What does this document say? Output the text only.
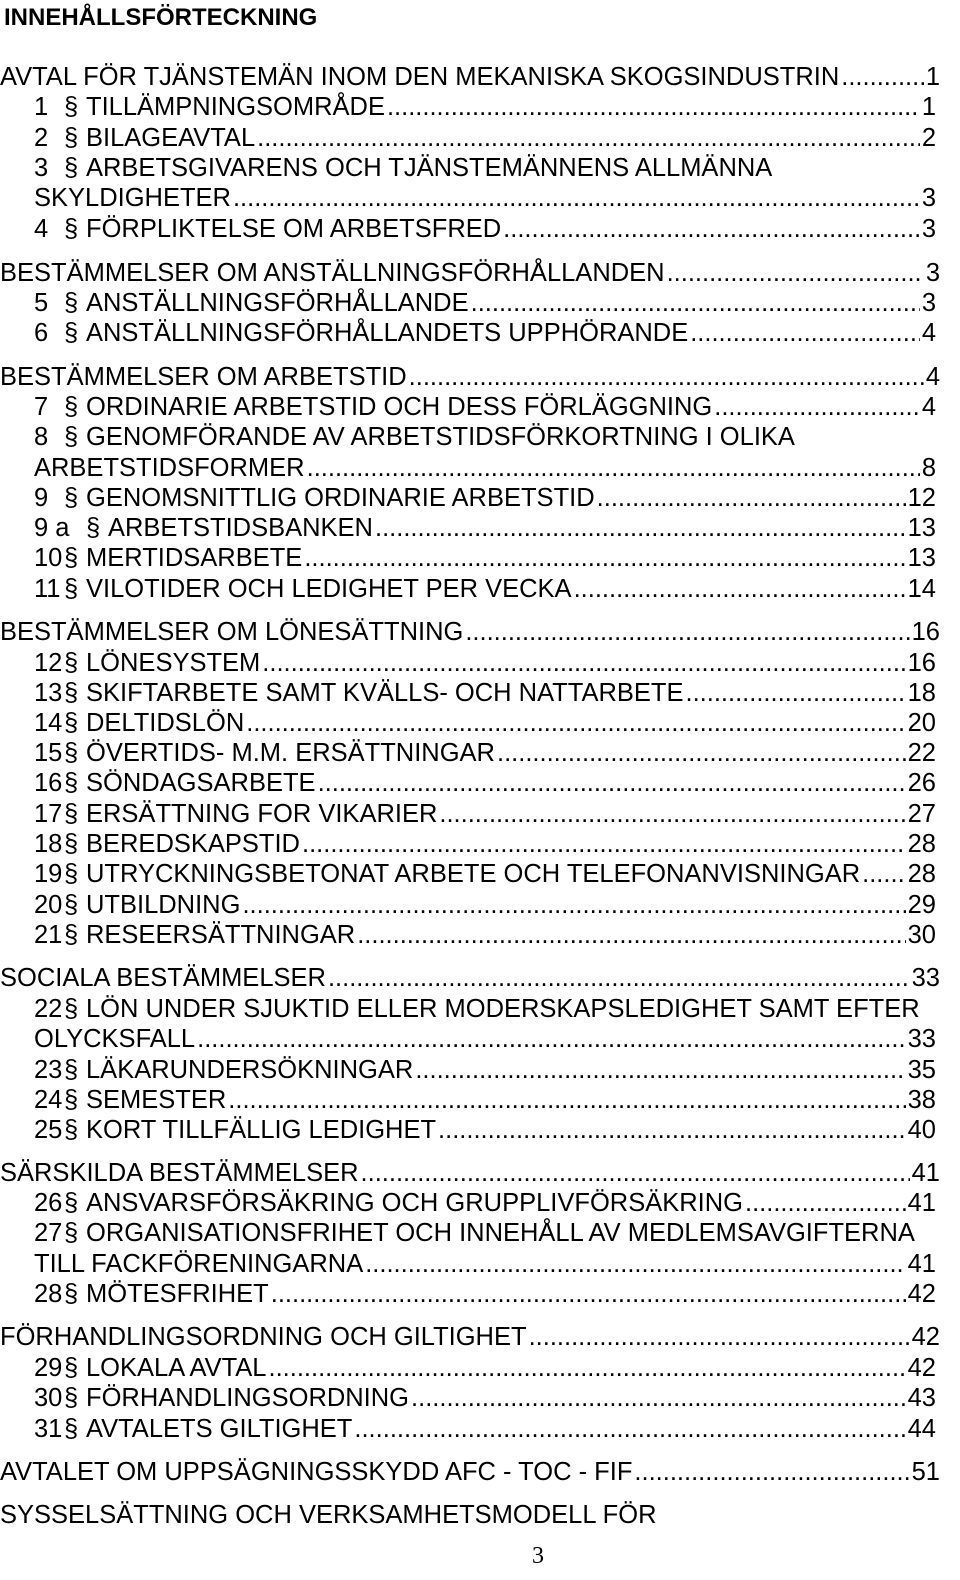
INNEHÅLLSFÖRTECKNING
AVTAL FÖR TJÄNSTEMÄN INOM DEN MEKANISKA SKOGSINDUSTRIN .....	1
1 § TILLÄMPNINGSOMRÅDE .....	1
2 § BILAGEAVTAL .....	2
3 § ARBETSGIVARENS OCH TJÄNSTEMÄNNENS ALLMÄNNA
SKYLDIGHETER .....	3
4 § FÖRPLIKTELSE OM ARBETSFRED .....	3
BESTÄMMELSER OM ANSTÄLLNINGSFÖRHÅLLANDEN .....	3
5 § ANSTÄLLNINGSFÖRHÅLLANDE .....	3
6 § ANSTÄLLNINGSFÖRHÅLLANDETS UPPHÖRANDE .....	4
BESTÄMMELSER OM ARBETSTID .....	4
7 § ORDINARIE ARBETSTID OCH DESS FÖRLÄGGNING .....	4
8 § GENOMFÖRANDE AV ARBETSTIDSFÖRKORTNING I OLIKA
ARBETSTIDSFORMER .....	8
9 § GENOMSNITTLIG ORDINARIE ARBETSTID .....	12
9 a § ARBETSTIDSBANKEN .....	13
10 § MERTIDSARBETE .....	13
11 § VILOTIDER OCH LEDIGHET PER VECKA .....	14
BESTÄMMELSER OM LÖNESÄTTNING .....	16
12 § LÖNESYSTEM .....	16
13 § SKIFTARBETE SAMT KVÄLLS- OCH NATTARBETE .....	18
14 § DELTIDSLÖN .....	20
15 § ÖVERTIDS- M.M. ERSÄTTNINGAR .....	22
16 § SÖNDAGSARBETE .....	26
17 § ERSÄTTNING FOR VIKARIER .....	27
18 § BEREDSKAPSTID .....	28
19 § UTRYCKNINGSBETONAT ARBETE OCH TELEFONANVISNINGAR ..... 28
20 § UTBILDNING .....	29
21 § RESEERSÄTTNINGAR .....	30
SOCIALA BESTÄMMELSER .....	33
22 § LÖN UNDER SJUKTID ELLER MODERSKAPSLEDIGHET SAMT EFTER
OLYCKSFALL .....	33
23 § LÄKARUNDERSÖKNINGAR .....	35
24 § SEMESTER .....	38
25 § KORT TILLFÄLLIG LEDIGHET .....	40
SÄRSKILDA BESTÄMMELSER .....	41
26 § ANSVARSFÖRSÄKRING OCH GRUPPLIVFÖRSÄKRING .....	41
27 § ORGANISATIONSFRIHET OCH INNEHÅLL AV MEDLEMSAVGIFTERNA
TILL FACKFÖRENINGARNA .....	41
28 § MÖTESFRIHET .....	42
FÖRHANDLINGSORDNING OCH GILTIGHET .....	42
29 § LOKALA AVTAL .....	42
30 § FÖRHANDLINGSORDNING .....	43
31 § AVTALETS GILTIGHET .....	44
AVTALET OM UPPSÄGNINGSSKYDD AFC - TOC - FIF .....	51
SYSSELSÄTTNING OCH VERKSAMHETSMODELL FÖR
3
